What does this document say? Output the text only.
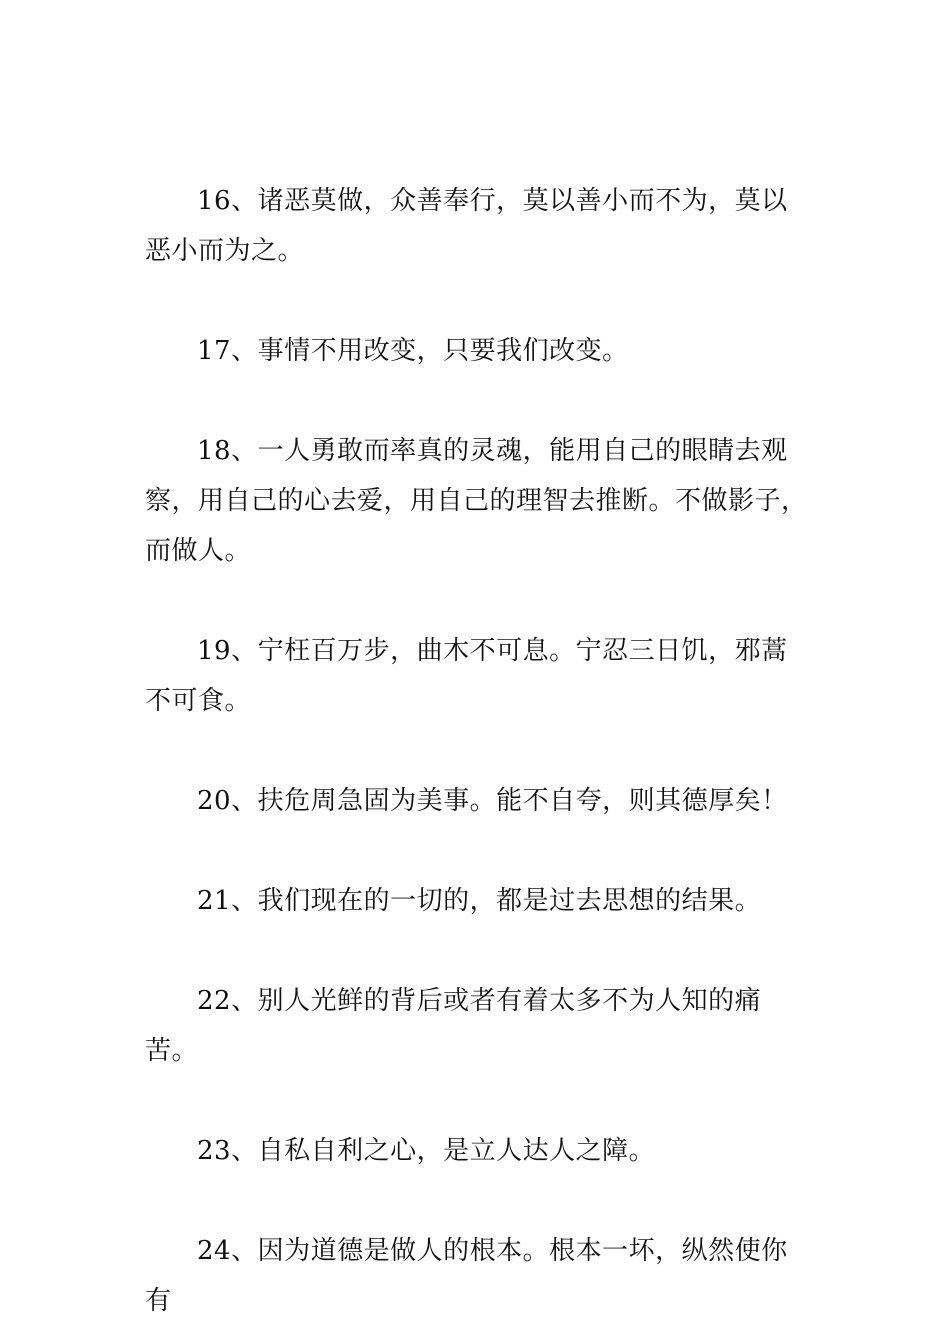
16、诸恶莫做，众善奉行，莫以善小而不为，莫以恶小而为之。

17、事情不用改变，只要我们改变。

18、一人勇敢而率真的灵魂，能用自己的眼睛去观察，用自己的心去爱，用自己的理智去推断。不做影子，而做人。

19、宁枉百万步，曲木不可息。宁忍三日饥，邪蒿不可食。

20、扶危周急固为美事。能不自夸，则其德厚矣！

21、我们现在的一切的，都是过去思想的结果。

22、别人光鲜的背后或者有着太多不为人知的痛苦。

23、自私自利之心，是立人达人之障。

24、因为道德是做人的根本。根本一坏，纵然使你有
